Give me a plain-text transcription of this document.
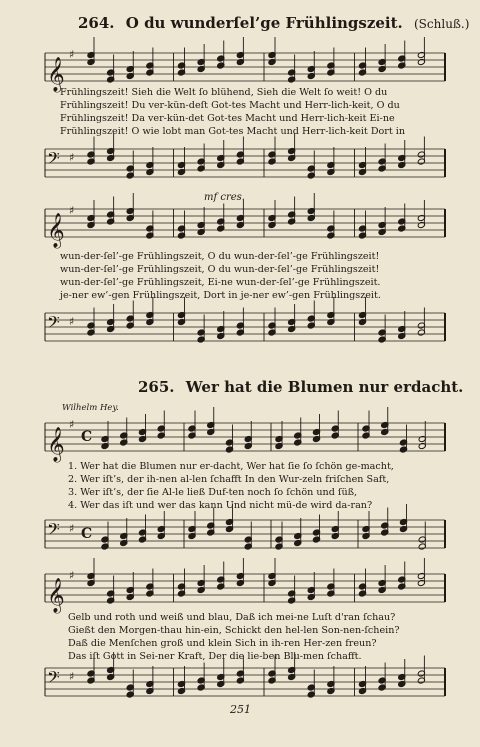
264. O du wunderſel’ge Frühlingszeit. (Schluß.)
𝄞
♯
Frühlingszeit! Sieh die Welt ſo blühend, Sieh die Welt ſo weit! O du
Frühlingszeit! Du ver-kün-deſt Got-tes Macht und Herr-lich-keit, O du
Frühlingszeit! Da ver-kün-det Got-tes Macht und Herr-lich-keit Ei-ne
Frühlingszeit! O wie lobt man Got-tes Macht und Herr-lich-keit Dort in
𝄢 ♯
mf cres.
𝄞
♯
wun-der-ſel’-ge Frühlingszeit, O du wun-der-ſel’-ge Frühlingszeit!
wun-der-ſel’-ge Frühlingszeit, O du wun-der-ſel’-ge Frühlingszeit!
wun-der-ſel’-ge Frühlingszeit, Ei-ne wun-der-ſel’-ge Frühlingszeit.
je-ner ew’-gen Frühlingszeit, Dort in je-ner ew’-gen Frühlingszeit.
𝄢 ♯
265. Wer hat die Blumen nur erdacht.
Wilhelm Hey.
𝄞
♯
C
1. Wer hat die Blumen nur er-dacht, Wer hat ſie ſo ſchön ge-macht,
2. Wer iſt’s, der ih-nen al-len ſchafft In den Wur-zeln friſchen Saft,
3. Wer iſt’s, der ſie Al-le ließ Duf-ten noch ſo ſchön und ſüß,
4. Wer das iſt und wer das kann Und nicht mü-de wird da-ran?
𝄢 ♯ C
𝄞
♯
Gelb und roth und weiß und blau, Daß ich mei-ne Luſt d'ran ſchau?
Gießt den Morgen-thau hin-ein, Schickt den hel-len Son-nen-ſchein?
Daß die Menſchen groß und klein Sich in ih-ren Her-zen freun?
Das iſt Gott in Sei-ner Kraft, Der die lie-ben Blu-men ſchafft.
𝄢 ♯
251
